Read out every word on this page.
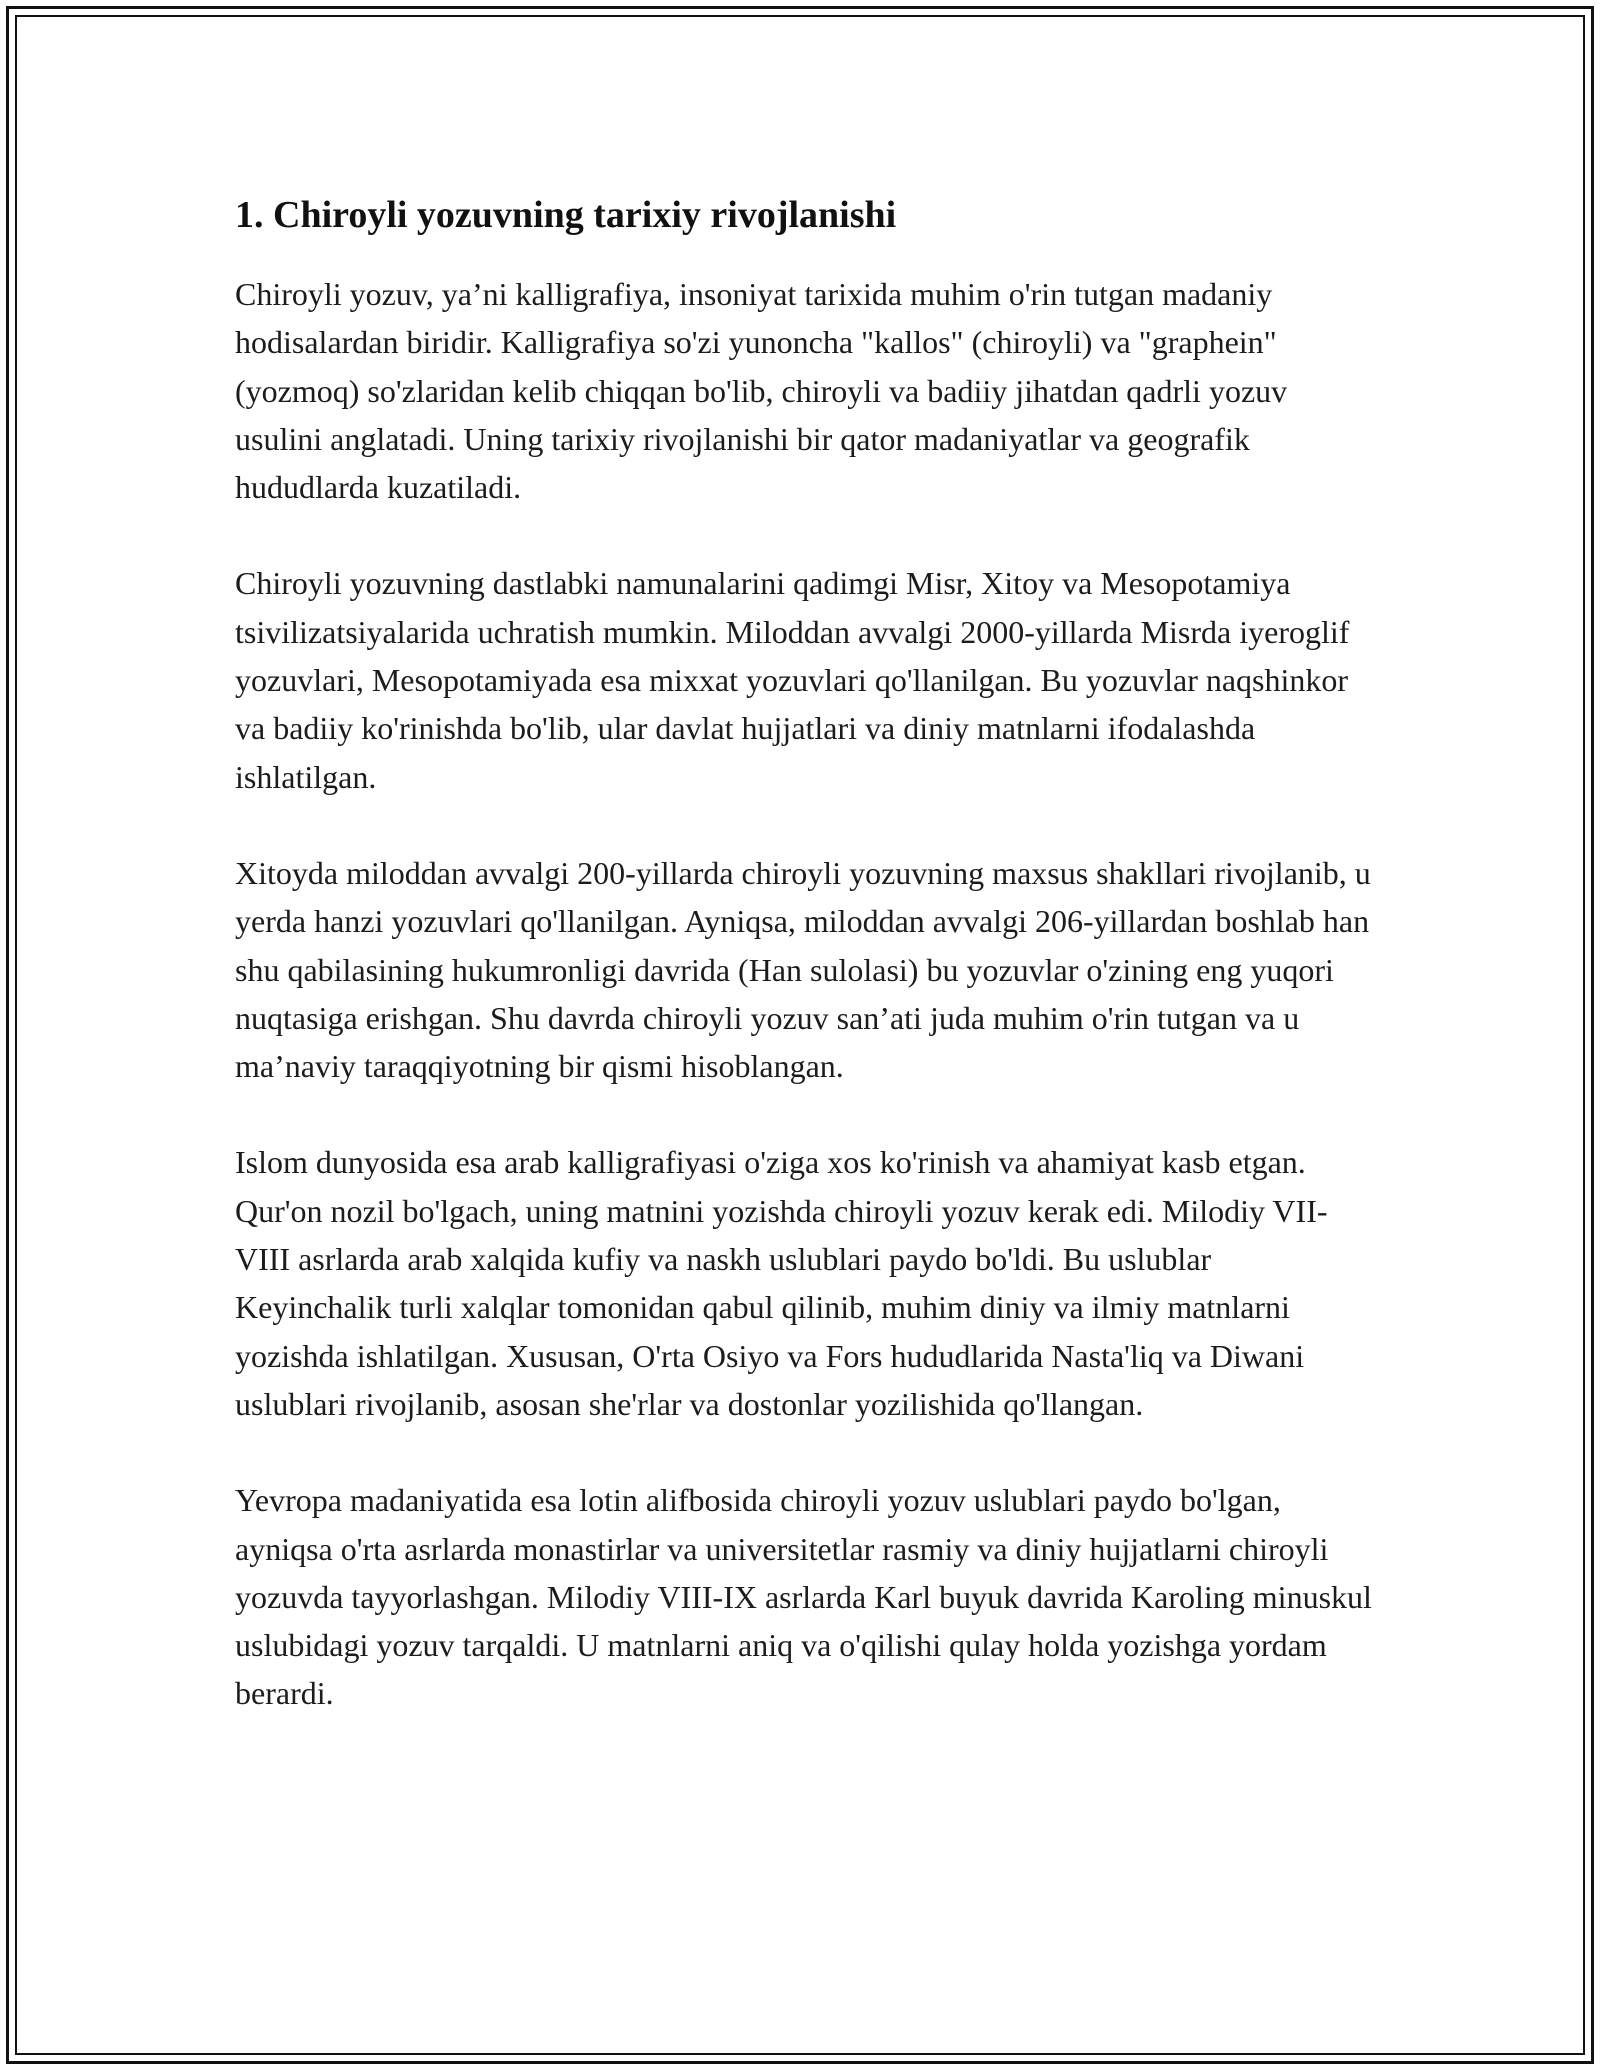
1. Chiroyli yozuvning tarixiy rivojlanishi

Chiroyli yozuv, ya’ni kalligrafiya, insoniyat tarixida muhim o'rin tutgan madaniy hodisalardan biridir. Kalligrafiya so'zi yunoncha "kallos" (chiroyli) va "graphein" (yozmoq) so'zlaridan kelib chiqqan bo'lib, chiroyli va badiiy jihatdan qadrli yozuv usulini anglatadi. Uning tarixiy rivojlanishi bir qator madaniyatlar va geografik hududlarda kuzatiladi.

Chiroyli yozuvning dastlabki namunalarini qadimgi Misr, Xitoy va Mesopotamiya tsivilizatsiyalarida uchratish mumkin. Miloddan avvalgi 2000-yillarda Misrda iyeroglif yozuvlari, Mesopotamiyada esa mixxat yozuvlari qo'llanilgan. Bu yozuvlar naqshinkor va badiiy ko'rinishda bo'lib, ular davlat hujjatlari va diniy matnlarni ifodalashda ishlatilgan.

Xitoyda miloddan avvalgi 200-yillarda chiroyli yozuvning maxsus shakllari rivojlanib, u yerda hanzi yozuvlari qo'llanilgan. Ayniqsa, miloddan avvalgi 206-yillardan boshlab han shu qabilasining hukumronligi davrida (Han sulolasi) bu yozuvlar o'zining eng yuqori nuqtasiga erishgan. Shu davrda chiroyli yozuv san’ati juda muhim o'rin tutgan va u ma’naviy taraqqiyotning bir qismi hisoblangan.

Islom dunyosida esa arab kalligrafiyasi o'ziga xos ko'rinish va ahamiyat kasb etgan. Qur'on nozil bo'lgach, uning matnini yozishda chiroyli yozuv kerak edi. Milodiy VII-VIII asrlarda arab xalqida kufiy va naskh uslublari paydo bo'ldi. Bu uslublar Keyinchalik turli xalqlar tomonidan qabul qilinib, muhim diniy va ilmiy matnlarni yozishda ishlatilgan. Xususan, O'rta Osiyo va Fors hududlarida Nasta'liq va Diwani uslublari rivojlanib, asosan she'rlar va dostonlar yozilishida qo'llangan.

Yevropa madaniyatida esa lotin alifbosida chiroyli yozuv uslublari paydo bo'lgan, ayniqsa o'rta asrlarda monastirlar va universitetlar rasmiy va diniy hujjatlarni chiroyli yozuvda tayyorlashgan. Milodiy VIII-IX asrlarda Karl buyuk davrida Karoling minuskul uslubidagi yozuv tarqaldi. U matnlarni aniq va o'qilishi qulay holda yozishga yordam berardi.
